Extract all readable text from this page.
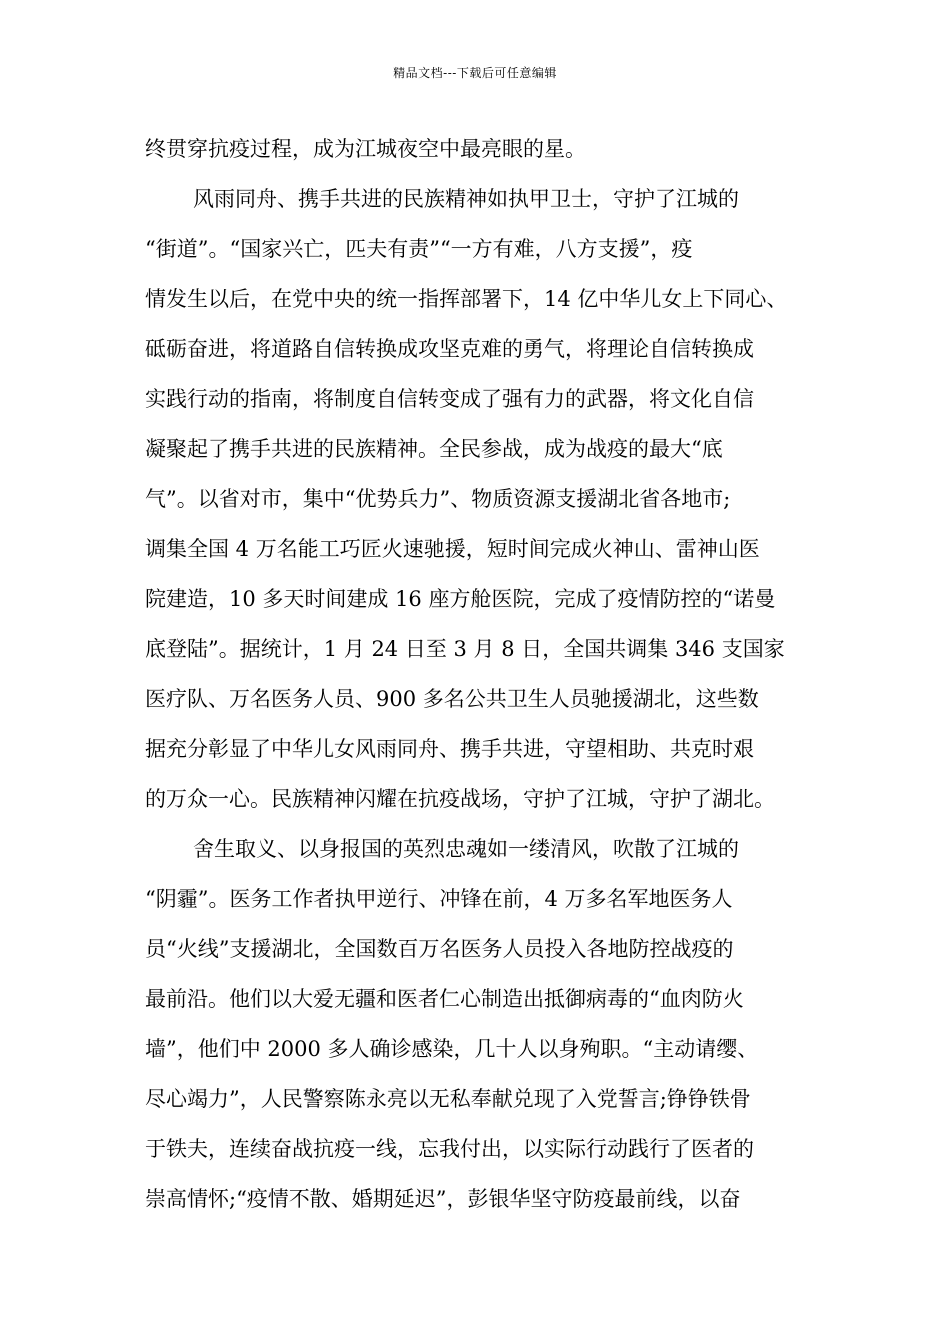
精品文档---下载后可任意编辑
终贯穿抗疫过程，成为江城夜空中最亮眼的星。
风雨同舟、携手共进的民族精神如执甲卫士，守护了江城的
“街道”。“国家兴亡，匹夫有责”“一方有难，八方支援”，疫
情发生以后，在党中央的统一指挥部署下，14 亿中华儿女上下同心、
砥砺奋进，将道路自信转换成攻坚克难的勇气，将理论自信转换成
实践行动的指南，将制度自信转变成了强有力的武器，将文化自信
凝聚起了携手共进的民族精神。全民参战，成为战疫的最大“底
气”。以省对市，集中“优势兵力”、物质资源支援湖北省各地市;
调集全国 4 万名能工巧匠火速驰援，短时间完成火神山、雷神山医
院建造，10 多天时间建成 16 座方舱医院，完成了疫情防控的“诺曼
底登陆”。据统计，1 月 24 日至 3 月 8 日，全国共调集 346 支国家
医疗队、万名医务人员、900 多名公共卫生人员驰援湖北，这些数
据充分彰显了中华儿女风雨同舟、携手共进，守望相助、共克时艰
的万众一心。民族精神闪耀在抗疫战场，守护了江城，守护了湖北。
舍生取义、以身报国的英烈忠魂如一缕清风，吹散了江城的
“阴霾”。医务工作者执甲逆行、冲锋在前，4 万多名军地医务人
员“火线”支援湖北，全国数百万名医务人员投入各地防控战疫的
最前沿。他们以大爱无疆和医者仁心制造出抵御病毒的“血肉防火
墙”，他们中 2000 多人确诊感染，几十人以身殉职。“主动请缨、
尽心竭力”，人民警察陈永亮以无私奉献兑现了入党誓言;铮铮铁骨
于铁夫，连续奋战抗疫一线，忘我付出，以实际行动践行了医者的
崇高情怀;“疫情不散、婚期延迟”，彭银华坚守防疫最前线，以奋
